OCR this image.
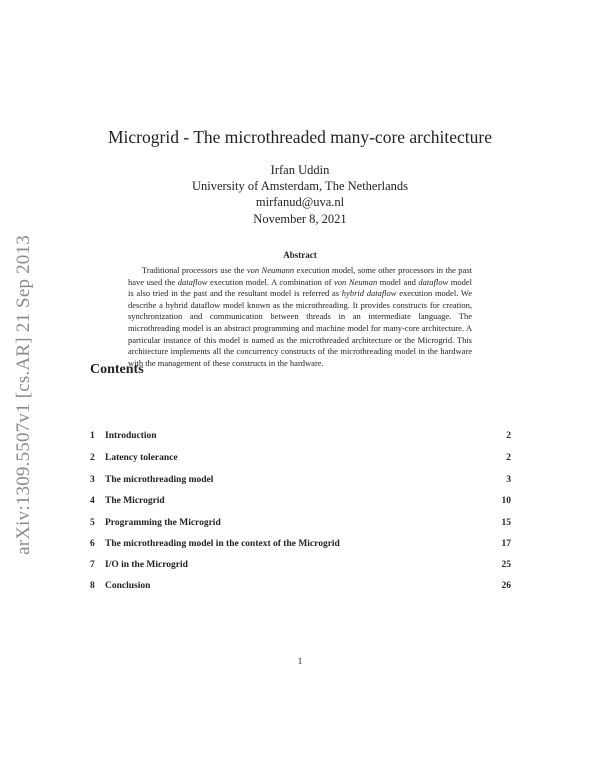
arXiv:1309.5507v1 [cs.AR] 21 Sep 2013
Microgrid - The microthreaded many-core architecture
Irfan Uddin
University of Amsterdam, The Netherlands
mirfanud@uva.nl
November 8, 2021
Abstract

Traditional processors use the von Neumann execution model, some other processors in the past have used the dataflow execution model. A combination of von Neuman model and dataflow model is also tried in the past and the resultant model is referred as hybrid dataflow execution model. We describe a hybrid dataflow model known as the microthreading. It provides constructs for creation, synchronization and communication between threads in an intermediate language. The microthreading model is an abstract programming and machine model for many-core architecture. A particular instance of this model is named as the microthreaded architecture or the Microgrid. This architecture implements all the concurrency constructs of the microthreading model in the hardware with the management of these constructs in the hardware.

Contents
1 Introduction	2
2 Latency tolerance	2
3 The microthreading model	3
4 The Microgrid	10
5 Programming the Microgrid	15
6 The microthreading model in the context of the Microgrid	17
7 I/O in the Microgrid	25
8 Conclusion	26
1
